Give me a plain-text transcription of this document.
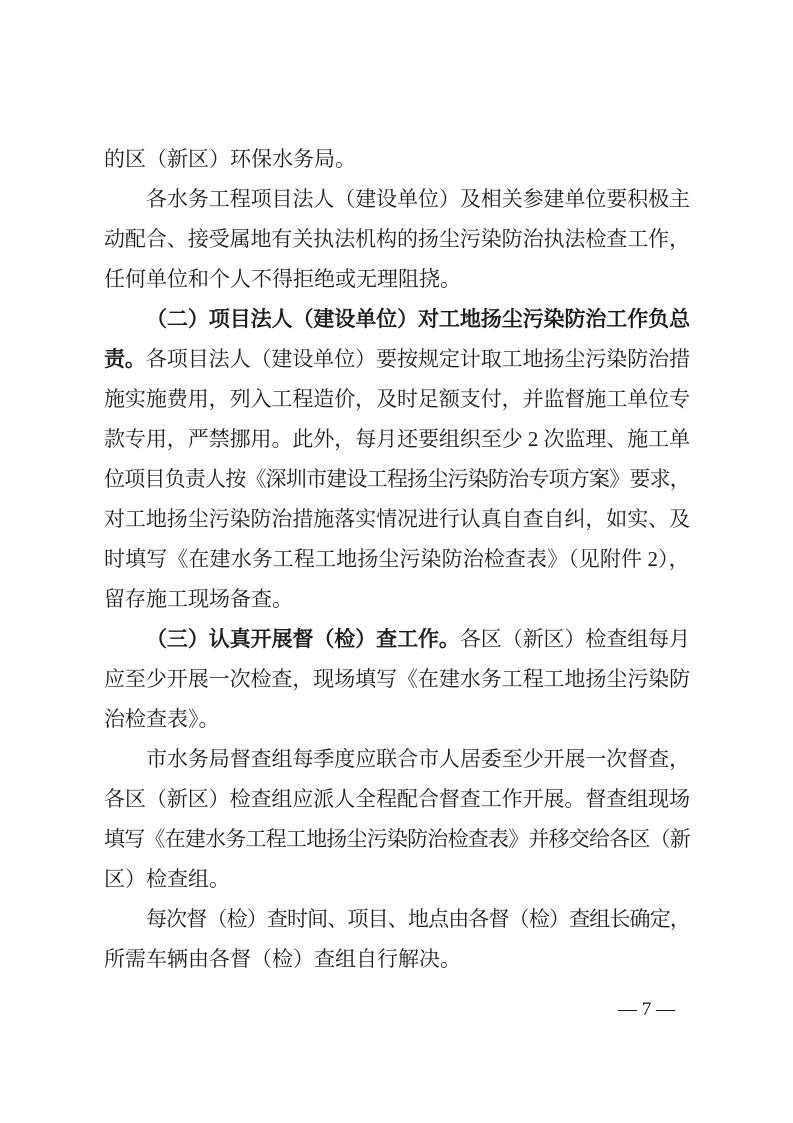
的区（新区）环保水务局。
各水务工程项目法人（建设单位）及相关参建单位要积极主
动配合、接受属地有关执法机构的扬尘污染防治执法检查工作，
任何单位和个人不得拒绝或无理阻挠。
（二）项目法人（建设单位）对工地扬尘污染防治工作负总
责。各项目法人（建设单位）要按规定计取工地扬尘污染防治措
施实施费用，列入工程造价，及时足额支付，并监督施工单位专
款专用，严禁挪用。此外，每月还要组织至少 2 次监理、施工单
位项目负责人按《深圳市建设工程扬尘污染防治专项方案》要求，
对工地扬尘污染防治措施落实情况进行认真自查自纠，如实、及
时填写《在建水务工程工地扬尘污染防治检查表》（见附件 2），
留存施工现场备查。
（三）认真开展督（检）查工作。各区（新区）检查组每月
应至少开展一次检查，现场填写《在建水务工程工地扬尘污染防
治检查表》。
市水务局督查组每季度应联合市人居委至少开展一次督查，
各区（新区）检查组应派人全程配合督查工作开展。督查组现场
填写《在建水务工程工地扬尘污染防治检查表》并移交给各区（新
区）检查组。
每次督（检）查时间、项目、地点由各督（检）查组长确定，
所需车辆由各督（检）查组自行解决。
— 7 —
